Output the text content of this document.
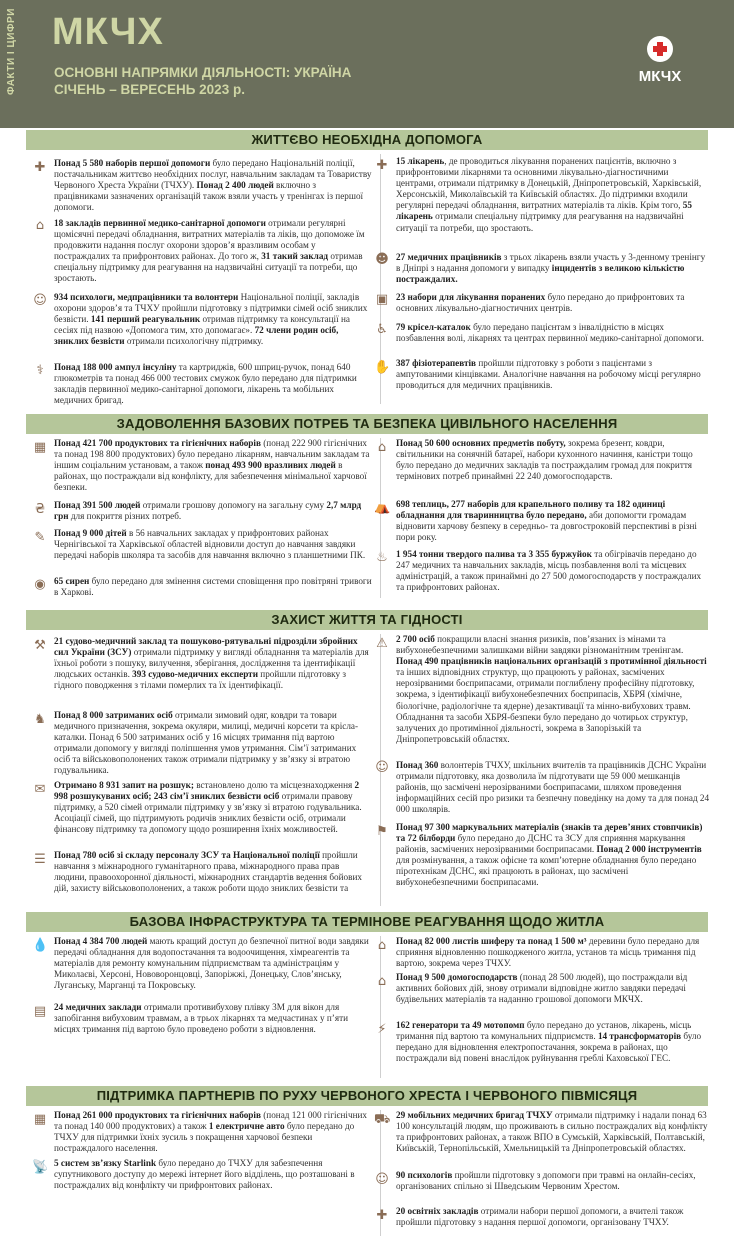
ФАКТИ І ЦИФРИ МКЧХ
ОСНОВНІ НАПРЯМКИ ДІЯЛЬНОСТІ: УКРАЇНА
СІЧЕНЬ – ВЕРЕСЕНЬ 2023 р.
МКЧХ
ЖИТТЄВО НЕОБХІДНА ДОПОМОГА
✚ Понад 5 580 наборів першої допомоги було передано Національній поліції, постачальникам життєво необхідних послуг, навчальним закладам та Товариству Червоного Хреста України (ТЧХУ). Понад 2 400 людей включно з працівниками зазначених організацій також взяли участь у тренінгах із першої допомоги.
⌂	18 закладів первинної медико-санітарної допомоги отримали регулярні щомісячні передачі обладнання, витратних матеріалів та ліків, що допоможе їм продовжити надання послуг охорони здоров’я вразливим особам у постраждалих та прифронтових районах. До того ж, 31 такий заклад отримав спеціальну підтримку для реагування на надзвичайні ситуації та потреби, що зростають.
☺ 934 психологи, медпрацівники та волонтери Національної поліції, закладів охорони здоров’я та ТЧХУ пройшли підготовку з підтримки сімей осіб зниклих безвісти. 141 перший реагувальник отримав підтримку та консультації на сесіях під назвою «Допомога тим, хто допомагає». 72 члени родин осіб, зниклих безвісти отримали психологічну підтримку.
⚕	Понад 188 000 ампул інсуліну та картриджів, 600 шприц-ручок, понад 640 глюкометрів та понад 466 000 тестових смужок було передано для підтримки закладів первинної медико-санітарної допомоги, лікарень та мобільних медичних бригад.
✚ 15 лікарень, де проводиться лікування поранених пацієнтів, включно з прифронтовими лікарнями та основними лікувально-діагностичними центрами, отримали підтримку в Донецькій, Дніпропетровській, Харківській, Херсонській, Миколаївській та Київській областях. До підтримки входили регулярні передачі обладнання, витратних матеріалів та ліків. Крім того, 55 лікарень отримали спеціальну підтримку для реагування на надзвичайні ситуації та потреби, що зростають.
☻ 27 медичних працівників з трьох лікарень взяли участь у 3-денному тренінгу в Дніпрі з надання допомоги у випадку інцидентів з великою кількістю постраждалих.
▣ 23 набори для лікування поранених було передано до прифронтових та основних лікувально-діагностичних центрів.
♿ 79 крісел-каталок було передано пацієнтам з інвалідністю в місцях позбавлення волі, лікарнях та центрах первинної медико-санітарної допомоги.
✋ 387 фізіотерапевтів пройшли підготовку з роботи з пацієнтами з ампутованими кінцівками. Аналогічне навчання на робочому місці регулярно проводиться для медичних працівників.
ЗАДОВОЛЕННЯ БАЗОВИХ ПОТРЕБ ТА БЕЗПЕКА ЦИВІЛЬНОГО НАСЕЛЕННЯ
▦ Понад 421 700 продуктових та гігієнічних наборів (понад 222 900 гігієнічних та понад 198 800 продуктових) було передано лікарням, навчальним закладам та іншим соціальним установам, а також понад 493 900 вразливих людей в районах, що постраждали від конфлікту, для забезпечення мінімальної харчової безпеки.
₴ Понад 391 500 людей отримали грошову допомогу на загальну суму 2,7 млрд грн для покриття різних потреб.
✎ Понад 9 000 дітей в 56 навчальних закладах у прифронтових районах Чернігівської та Харківської областей відновили доступ до навчання завдяки передачі наборів школяра та засобів для навчання включно з планшетними ПК.
◉ 65 сирен було передано для змінення системи сповіщення про повітряні тривоги в Харкові.
⌂	Понад 50 600 основних предметів побуту, зокрема брезент, ковдри, світильники на сонячній батареї, набори кухонного начиння, каністри тощо було передано до медичних закладів та постраждалим громад для покриття термінових потреб принаймні 22 240 домогосподарств.
⛺ 698 теплиць, 277 наборів для крапельного поливу та 182 одиниці обладнання для тваринництва було передано, аби допомогти громадам відновити харчову безпеку в середньо- та довгостроковій перспективі в різні пори року.
♨ 1 954 тонни твердого палива та 3 355 буржуйок та обігрівачів передано до 247 медичних та навчальних закладів, місць позбавлення волі та місцевих адміністрацій, а також принаймні до 27 500 домогосподарств у постраждалих та прифронтових районах.
ЗАХИСТ ЖИТТЯ ТА ГІДНОСТІ
⚒ 21 судово-медичний заклад та пошуково-рятувальні підрозділи збройних сил України (ЗСУ) отримали підтримку у вигляді обладнання та матеріалів для їхньої роботи з пошуку, вилучення, зберігання, дослідження та ідентифікації людських останків. 393 судово-медичних експерти пройшли підготовку з гідного поводження з тілами померлих та їх ідентифікації.
♞ Понад 8 000 затриманих осіб отримали зимовий одяг, ковдри та товари медичного призначення, зокрема окуляри, милиці, медичні корсети та крісла-каталки. Понад 6 500 затриманих осіб у 16 місцях тримання під вартою отримали допомогу у вигляді поліпшення умов утримання. Сім’ї затриманих осіб та військовополонених також отримали підтримку у зв’язку зі втратою годувальника.
✉ Отримано 8 931 запит на розшук; встановлено долю та місцезнаходження 2 998 розшукуваних осіб; 243 сім’ї зниклих безвісти осіб отримали правову підтримку, а 520 сімей отримали підтримку у зв’язку зі втратою годувальника. Асоціації сімей, що підтримують родичів зниклих безвісти осіб, отримали фінансову підтримку та допомогу щодо розширення їхніх можливостей.
☰ Понад 780 осіб зі складу персоналу ЗСУ та Національної поліції пройшли навчання з міжнародного гуманітарного права, міжнародного права прав людини, правоохоронної діяльності, міжнародних стандартів ведення бойових дій, захисту військовополонених, а також роботи щодо зниклих безвісти та
⚠ 2 700 осіб покращили власні знання ризиків, пов’язаних із мінами та вибухонебезпечними залишками війни завдяки різноманітним тренінгам. Понад 490 працівників національних організацій з протимінної діяльності та інших відповідних структур, що працюють у районах, засмічених нерозірваними боєприпасами, отримали поглиблену професійну підготовку, зокрема, з ідентифікації вибухонебезпечних боєприпасів, ХБРЯ (хімічне, біологічне, радіологічне та ядерне) дезактивації та мінно-вибухових травм. Обладнання та засоби ХБРЯ-безпеки було передано до чотирьох структур, залучених до протимінної діяльності, зокрема в Запорізькій та Дніпропетровській областях.
☺ Понад 360 волонтерів ТЧХУ, шкільних вчителів та працівників ДСНС України отримали підготовку, яка дозволила їм підготувати ще 59 000 мешканців районів, що засмічені нерозірваними боєприпасами, шляхом проведення інформаційних сесій про ризики та безпечну поведінку на дому та для понад 24 000 школярів.
⚑ Понад 97 300 маркувальних матеріалів (знаків та дерев’яних стовпчиків) та 72 білборди було передано до ДСНС та ЗСУ для сприяння маркування районів, засмічених нерозірваними боєприпасами. Понад 2 000 інструментів для розмінування, а також офісне та комп’ютерне обладнання було передано піротехнікам ДСНС, які працюють в районах, що засмічені вибухонебезпечними боєприпасами.
БАЗОВА ІНФРАСТРУКТУРА ТА ТЕРМІНОВЕ РЕАГУВАННЯ ЩОДО ЖИТЛА
💧 Понад 4 384 700 людей мають кращий доступ до безпечної питної води завдяки передачі обладнання для водопостачання та водоочищення, хімреагентів та матеріалів для ремонту комунальним підприємствам та адміністраціям у Миколаєві, Херсоні, Нововоронцовці, Запоріжжі, Донецьку, Слов’янську, Луганську, Марганці та Покровську.
▤ 24 медичних заклади отримали противибухову плівку 3М для вікон для запобігання вибуховим травмам, а в трьох лікарнях та медчастинах у п’яти місцях тримання під вартою було проведено роботи з відновлення.
⌂	Понад 82 000 листів шиферу та понад 1 500 м³ деревини було передано для сприяння відновленню пошкодженого житла, установ та місць тримання під вартою, зокрема через ТЧХУ.
⌂	Понад 9 500 домогосподарств (понад 28 500 людей), що постраждали від активних бойових дій, знову отримали відповідне житло завдяки передачі будівельних матеріалів та наданню грошової допомоги МКЧХ.
⚡	162 генератори та 49 мотопомп було передано до установ, лікарень, місць тримання під вартою та комунальних підприємств. 14 трансформаторів було передано для відновлення електропостачання, зокрема в районах, що постраждали від повені внаслідок руйнування греблі Каховської ГЕС.
ПІДТРИМКА ПАРТНЕРІВ ПО РУХУ ЧЕРВОНОГО ХРЕСТА І ЧЕРВОНОГО ПІВМІСЯЦЯ
▦ Понад 261 000 продуктових та гігієнічних наборів (понад 121 000 гігієнічних та понад 140 000 продуктових) а також 1 електричне авто було передано до ТЧХУ для підтримки їхніх зусиль з покращення харчової безпеки постраждалого населення.
📡 5 систем зв’язку Starlink було передано до ТЧХУ для забезпечення супутникового доступу до мережі інтернет його відділень, що розташовані в постраждалих від конфлікту чи прифронтових районах.
⛟ 29 мобільних медичних бригад ТЧХУ отримали підтримку і надали понад 63 100 консультацій людям, що проживають в сильно постраждалих від конфлікту та прифронтових районах, а також ВПО в Сумській, Харківській, Полтавській, Київській, Тернопільській, Хмельницькій та Дніпропетровській областях.
☺ 90 психологів пройшли підготовку з допомоги при травмі на онлайн-сесіях, організованих спільно зі Шведським Червоним Хрестом.
✚ 20 освітніх закладів отримали набори першої допомоги, а вчителі також пройшли підготовку з надання першої допомоги, організовану ТЧХУ.
